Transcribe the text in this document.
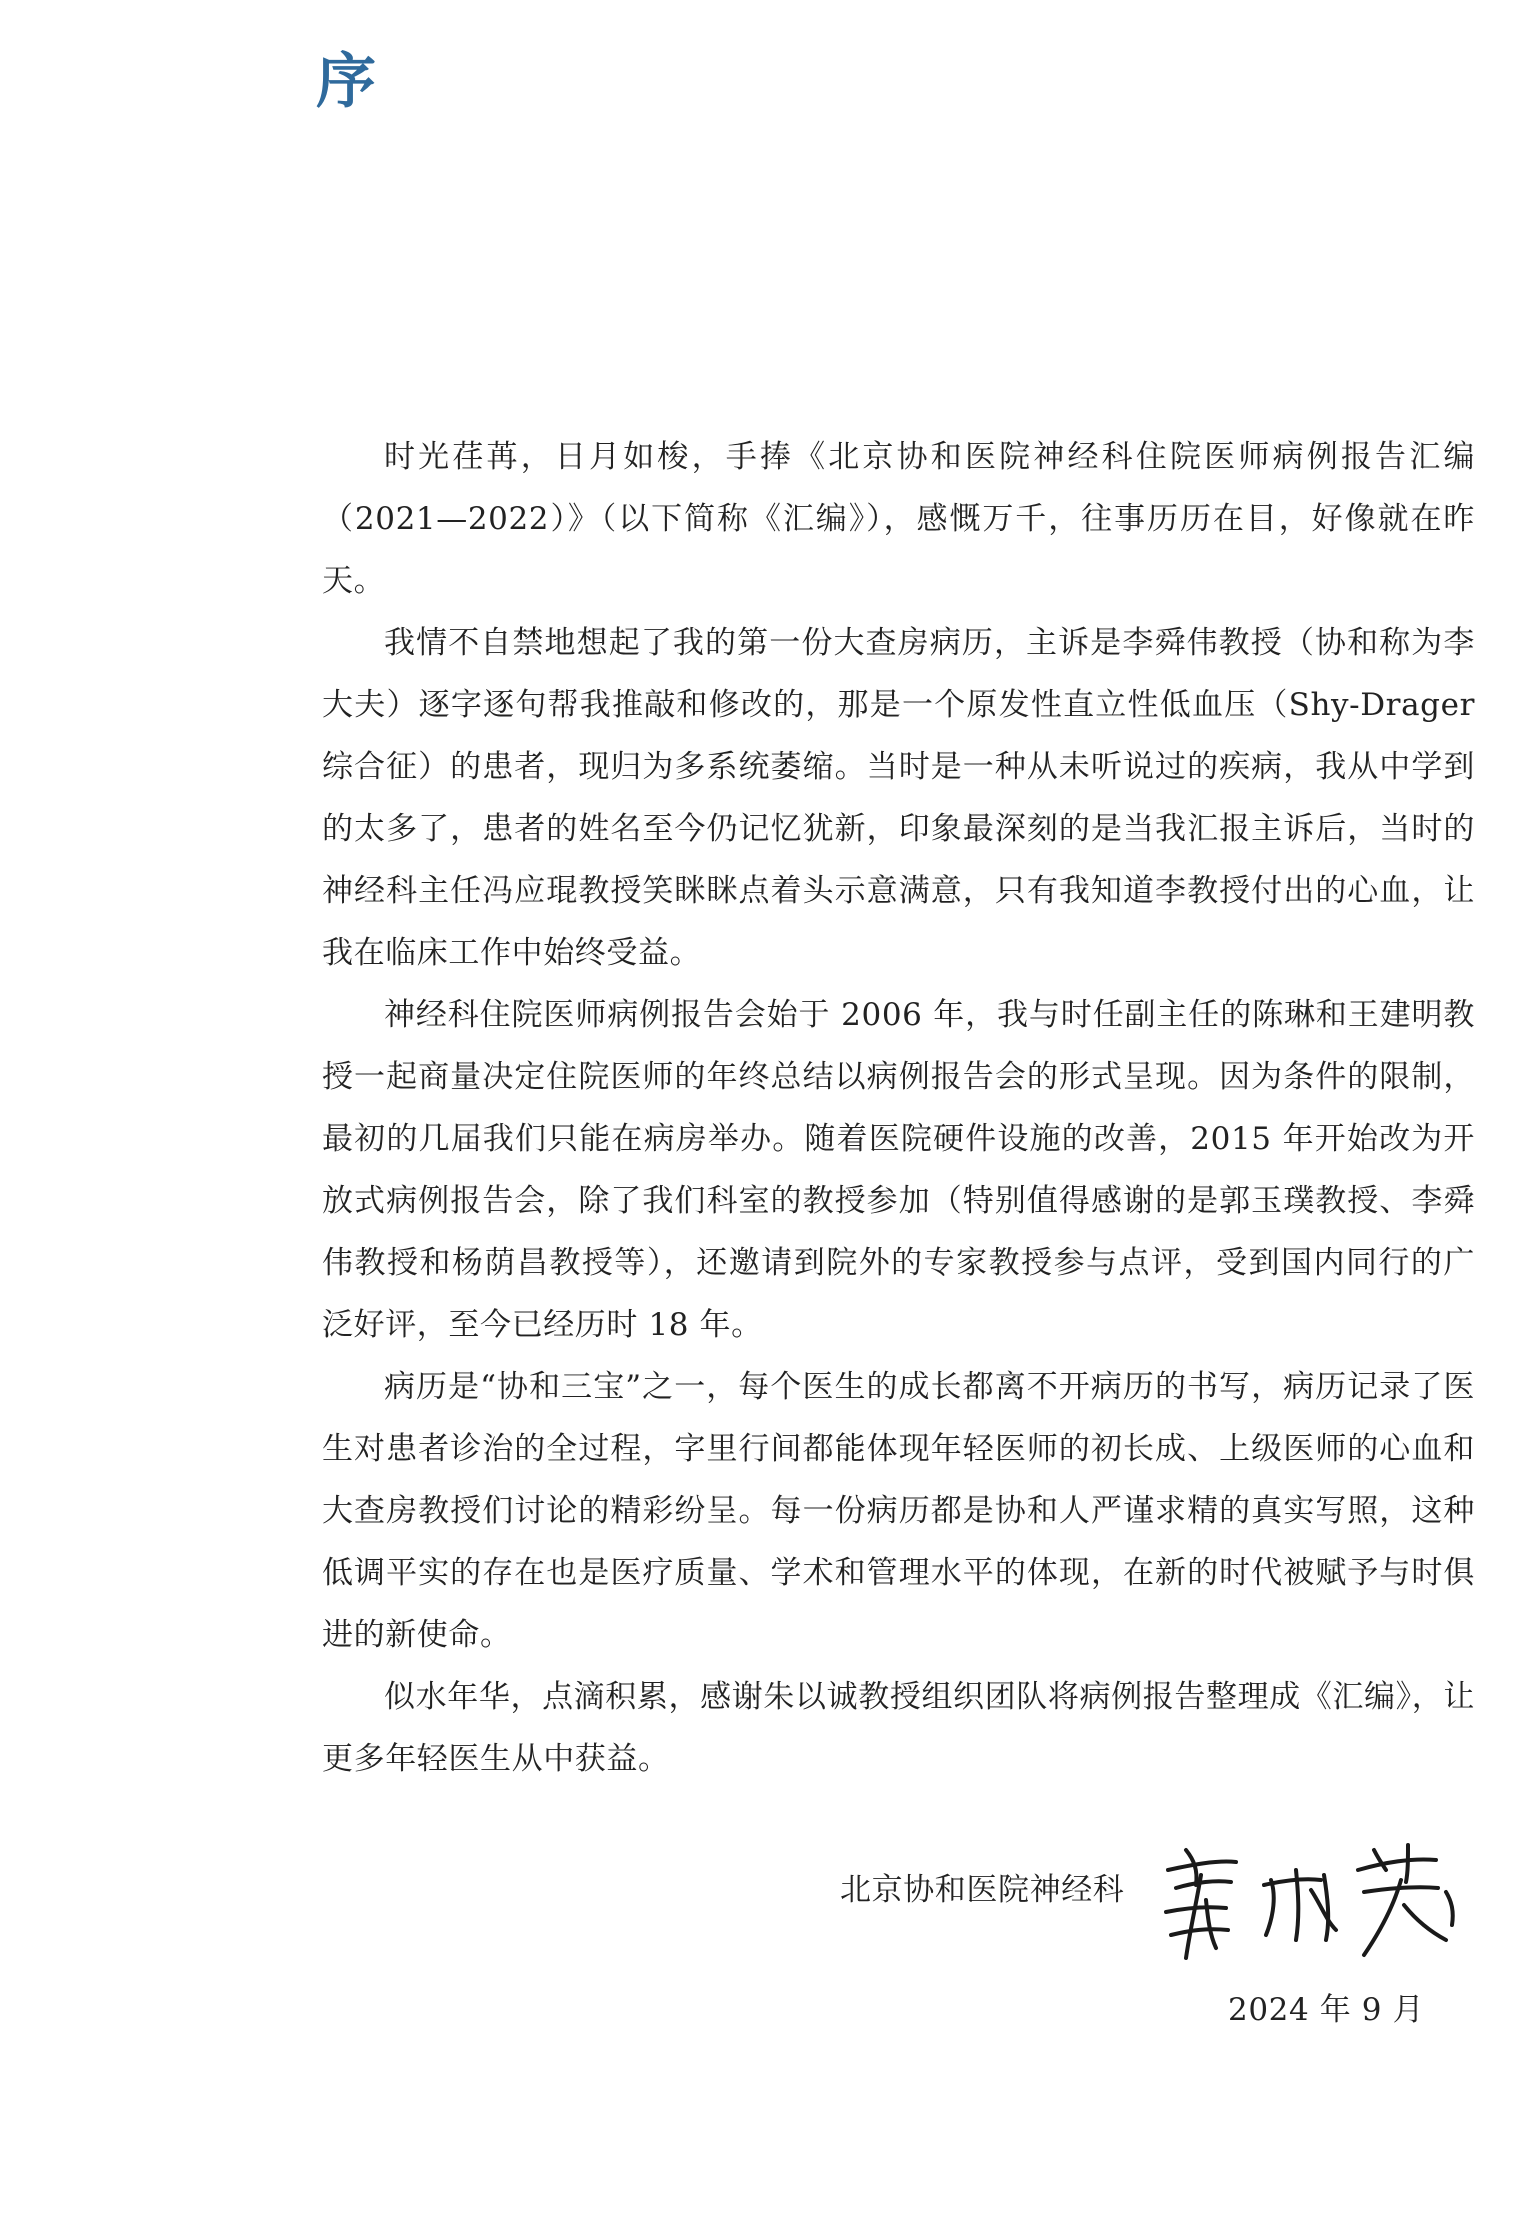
序

时光荏苒，日月如梭，手捧《北京协和医院神经科住院医师病例报告汇编（2021—2022）》（以下简称《汇编》），感慨万千，往事历历在目，好像就在昨天。

我情不自禁地想起了我的第一份大查房病历，主诉是李舜伟教授（协和称为李大夫）逐字逐句帮我推敲和修改的，那是一个原发性直立性低血压（Shy-Drager 综合征）的患者，现归为多系统萎缩。当时是一种从未听说过的疾病，我从中学到的太多了，患者的姓名至今仍记忆犹新，印象最深刻的是当我汇报主诉后，当时的神经科主任冯应琨教授笑眯眯点着头示意满意，只有我知道李教授付出的心血，让我在临床工作中始终受益。

神经科住院医师病例报告会始于 2006 年，我与时任副主任的陈琳和王建明教授一起商量决定住院医师的年终总结以病例报告会的形式呈现。因为条件的限制，最初的几届我们只能在病房举办。随着医院硬件设施的改善，2015 年开始改为开放式病例报告会，除了我们科室的教授参加（特别值得感谢的是郭玉璞教授、李舜伟教授和杨荫昌教授等），还邀请到院外的专家教授参与点评，受到国内同行的广泛好评，至今已经历时 18 年。

病历是“协和三宝”之一，每个医生的成长都离不开病历的书写，病历记录了医生对患者诊治的全过程，字里行间都能体现年轻医师的初长成、上级医师的心血和大查房教授们讨论的精彩纷呈。每一份病历都是协和人严谨求精的真实写照，这种低调平实的存在也是医疗质量、学术和管理水平的体现，在新的时代被赋予与时俱进的新使命。

似水年华，点滴积累，感谢朱以诚教授组织团队将病例报告整理成《汇编》，让更多年轻医生从中获益。

北京协和医院神经科
2024 年 9 月
